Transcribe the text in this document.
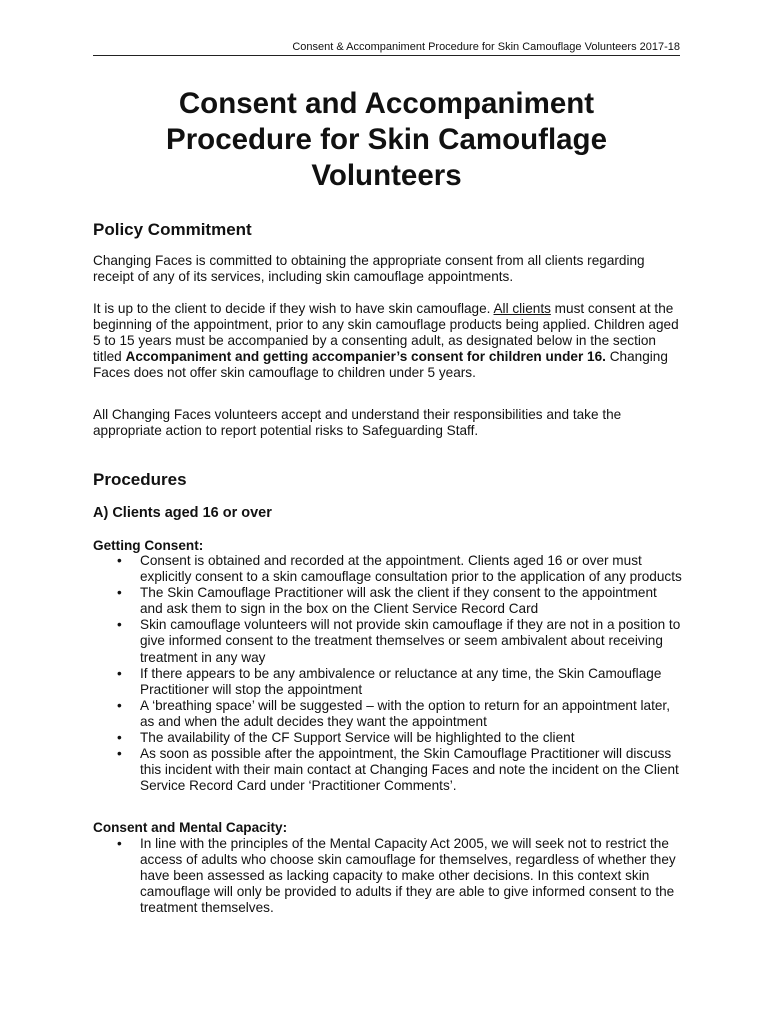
Consent & Accompaniment Procedure for Skin Camouflage Volunteers 2017-18
Consent and Accompaniment
Procedure for Skin Camouflage
Volunteers
Policy Commitment

Changing Faces is committed to obtaining the appropriate consent from all clients regarding receipt of any of its services, including skin camouflage appointments.

It is up to the client to decide if they wish to have skin camouflage. All clients must consent at the beginning of the appointment, prior to any skin camouflage products being applied. Children aged 5 to 15 years must be accompanied by a consenting adult, as designated below in the section titled Accompaniment and getting accompanier’s consent for children under 16. Changing Faces does not offer skin camouflage to children under 5 years.

All Changing Faces volunteers accept and understand their responsibilities and take the appropriate action to report potential risks to Safeguarding Staff.

Procedures
A) Clients aged 16 or over
Getting Consent:
• Consent is obtained and recorded at the appointment. Clients aged 16 or over must explicitly consent to a skin camouflage consultation prior to the application of any products
• The Skin Camouflage Practitioner will ask the client if they consent to the appointment and ask them to sign in the box on the Client Service Record Card
• Skin camouflage volunteers will not provide skin camouflage if they are not in a position to give informed consent to the treatment themselves or seem ambivalent about receiving treatment in any way
• If there appears to be any ambivalence or reluctance at any time, the Skin Camouflage Practitioner will stop the appointment
• A ‘breathing space’ will be suggested – with the option to return for an appointment later, as and when the adult decides they want the appointment
• The availability of the CF Support Service will be highlighted to the client
• As soon as possible after the appointment, the Skin Camouflage Practitioner will discuss this incident with their main contact at Changing Faces and note the incident on the Client Service Record Card under ‘Practitioner Comments’.
Consent and Mental Capacity:
• In line with the principles of the Mental Capacity Act 2005, we will seek not to restrict the access of adults who choose skin camouflage for themselves, regardless of whether they have been assessed as lacking capacity to make other decisions. In this context skin camouflage will only be provided to adults if they are able to give informed consent to the treatment themselves.
